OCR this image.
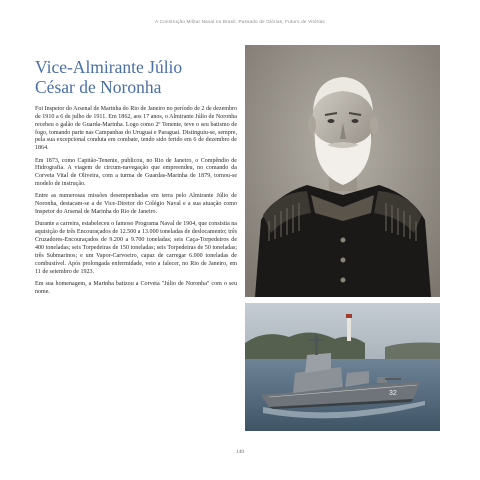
A Construção Militar Naval no Brasil: Passado de Glórias, Futuro de Vitórias
Vice-Almirante Júlio
César de Noronha

Foi Inspetor do Arsenal de Marinha do Rio de Janeiro no período de 2 de dezembro de 1910 a 6 de julho de 1911. Em 1862, aos 17 anos, o Almirante Júlio de Noronha recebeu o galão de Guarda-Marinha. Logo como 2º Tenente, teve o seu batismo de fogo, tomando parte nas Campanhas do Uruguai e Paraguai. Distinguiu-se, sempre, pela sua excepcional conduta em combate, tendo sido ferido em 6 de dezembro de 1864.

Em 1873, como Capitão-Tenente, publicou, no Rio de Janeiro, o Compêndio de Hidrografia. A viagem de circum-navegação que empreendeu, no comando da Corveta Vital de Oliveira, com a turma de Guardas-Marinha de 1879, tornou-se modelo de instrução.

Entre as numerosas missões desempenhadas em terra pelo Almirante Júlio de Noronha, destacam-se a de Vice-Diretor do Colégio Naval e a sua atuação como Inspetor do Arsenal de Marinha do Rio de Janeiro.

Durante a carreira, estabeleceu o famoso Programa Naval de 1904, que consistia na aquisição de três Encouraçados de 12.500 a 13.000 toneladas de deslocamento; três Cruzadores-Encouraçados de 9.200 a 9.700 toneladas; seis Caça-Torpedeiros de 400 toneladas; seis Torpedeiras de 150 toneladas; seis Torpedeiras de 50 toneladas; três Submarinos; e um Vapor-Carvoeiro, capaz de carregar 6.000 toneladas de combustível. Após prolongada enfermidade, veio a falecer, no Rio de Janeiro, em 11 de setembro de 1923.

Em sua homenagem, a Marinha batizou a Corveta "Júlio de Noronha" com o seu nome.

32
140
